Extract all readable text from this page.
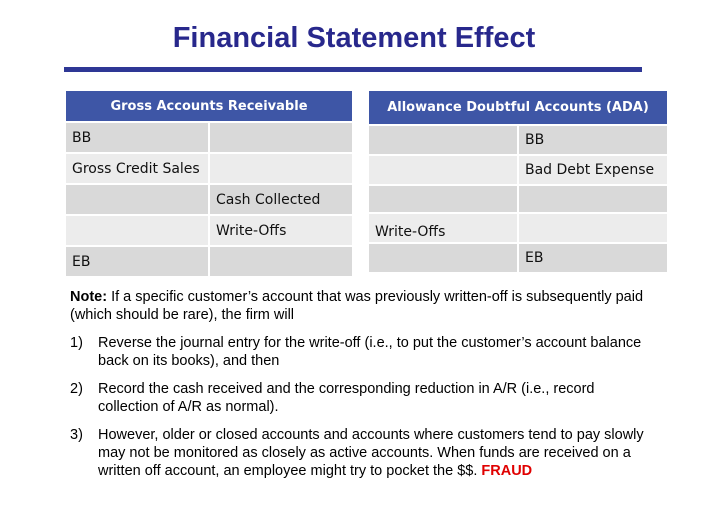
Financial Statement Effect
Gross Accounts Receivable	
BB	
Gross Credit Sales	
	Cash Collected
	Write-Offs
EB	
Allowance Doubtful Accounts (ADA)	
	BB
	Bad Debt Expense

Write-Offs	
	EB

Note: If a specific customer’s account that was previously written-off is subsequently paid (which should be rare), the firm will

1)	Reverse the journal entry for the write-off (i.e., to put the customer’s account balance back on its books), and then
2)	Record the cash received and the corresponding reduction in A/R (i.e., record collection of A/R as normal).
3)	However, older or closed accounts and accounts where customers tend to pay slowly may not be monitored as closely as active accounts. When funds are received on a written off account, an employee might try to pocket the $$. FRAUD
